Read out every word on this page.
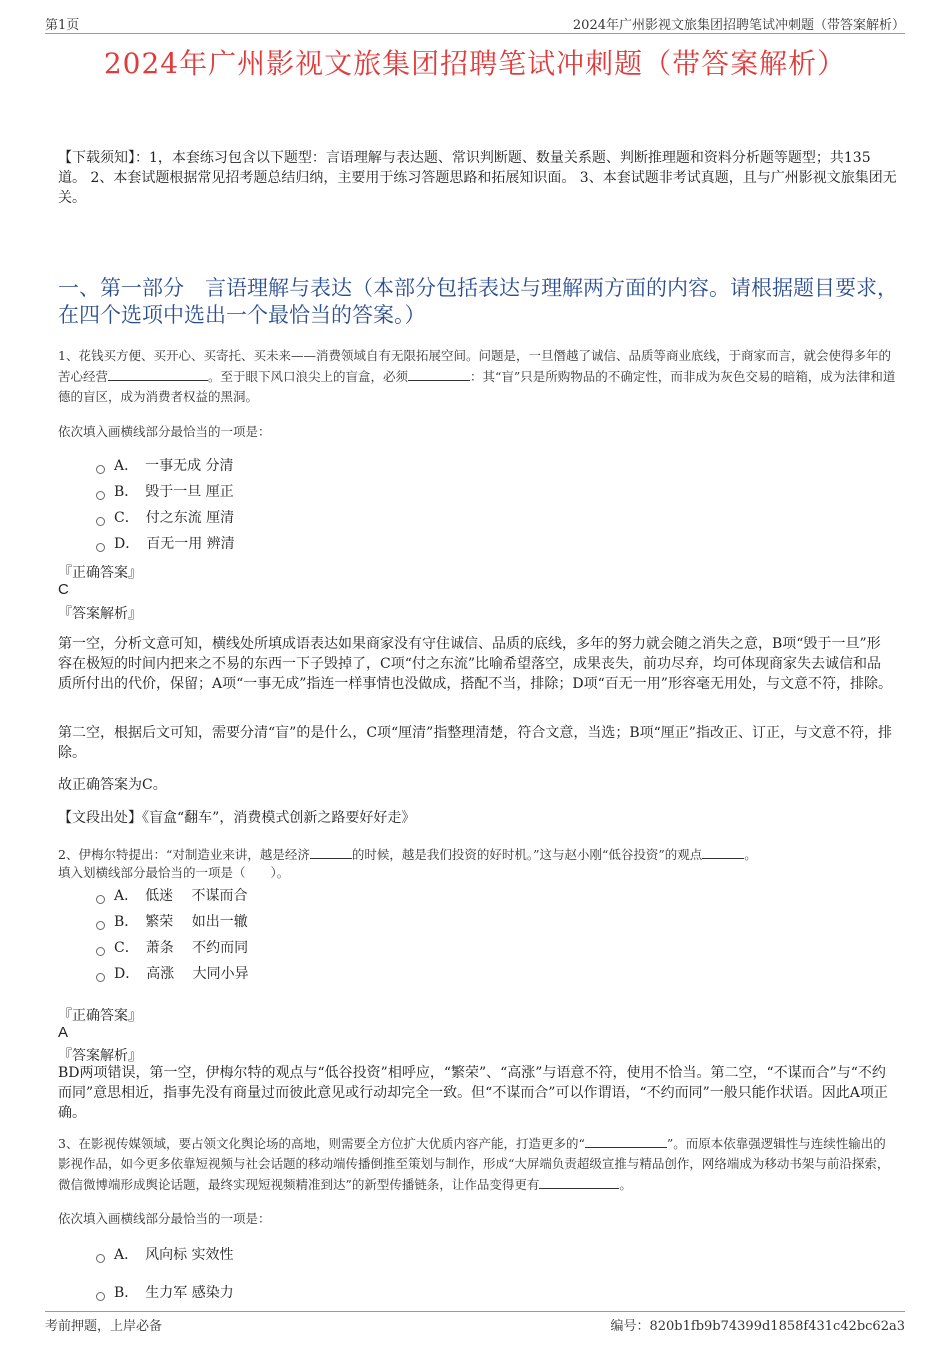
第1页	2024年广州影视文旅集团招聘笔试冲刺题（带答案解析）
2024年广州影视文旅集团招聘笔试冲刺题（带答案解析）
【下载须知】：1，本套练习包含以下题型：言语理解与表达题、常识判断题、数量关系题、判断推理题和资料分析题等题型；共135道。 2、本套试题根据常见招考题总结归纳，主要用于练习答题思路和拓展知识面。 3、本套试题非考试真题，且与广州影视文旅集团无关。
一、第一部分　言语理解与表达（本部分包括表达与理解两方面的内容。请根据题目要求，在四个选项中选出一个最恰当的答案。）
1、花钱买方便、买开心、买寄托、买未来——消费领域自有无限拓展空间。问题是，一旦僭越了诚信、品质等商业底线，于商家而言，就会使得多年的苦心经营	。至于眼下风口浪尖上的盲盒，必须	：其“盲”只是所购物品的不确定性，而非成为灰色交易的暗箱，成为法律和道德的盲区，成为消费者权益的黑洞。
依次填入画横线部分最恰当的一项是：
A．　一事无成 分清
B．　毁于一旦 厘正
C．　付之东流 厘清
D．　百无一用 辨清
『正确答案』
C
『答案解析』
第一空，分析文意可知，横线处所填成语表达如果商家没有守住诚信、品质的底线，多年的努力就会随之消失之意，B项“毁于一旦”形容在极短的时间内把来之不易的东西一下子毁掉了，C项“付之东流”比喻希望落空，成果丧失，前功尽弃，均可体现商家失去诚信和品质所付出的代价，保留；A项“一事无成”指连一样事情也没做成，搭配不当，排除；D项“百无一用”形容毫无用处，与文意不符，排除。
第二空，根据后文可知，需要分清“盲”的是什么，C项“厘清”指整理清楚，符合文意，当选；B项“厘正”指改正、订正，与文意不符，排除。
故正确答案为C。
【文段出处】《盲盒“翻车”，消费模式创新之路要好好走》
2、伊梅尔特提出：“对制造业来讲，越是经济	的时候，越是我们投资的好时机。”这与赵小刚“低谷投资”的观点	。
填入划横线部分最恰当的一项是（　　）。
A．　低迷　 不谋而合
B．　繁荣　 如出一辙
C．　萧条　 不约而同
D．　高涨　 大同小异
『正确答案』
A
『答案解析』
BD两项错误，第一空，伊梅尔特的观点与“低谷投资”相呼应，“繁荣”、“高涨”与语意不符，使用不恰当。第二空，“不谋而合”与“不约而同”意思相近，指事先没有商量过而彼此意见或行动却完全一致。但“不谋而合”可以作谓语，“不约而同”一般只能作状语。因此A项正确。
3、在影视传媒领域，要占领文化舆论场的高地，则需要全方位扩大优质内容产能，打造更多的“	”。而原本依靠强逻辑性与连续性输出的影视作品，如今更多依靠短视频与社会话题的移动端传播倒推至策划与制作，形成“大屏端负责超级宣推与精品创作，网络端成为移动书架与前沿探索，微信微博端形成舆论话题，最终实现短视频精准到达”的新型传播链条，让作品变得更有	。
依次填入画横线部分最恰当的一项是：
A．　风向标 实效性
B．　生力军 感染力
考前押题，上岸必备	编号：820b1fb9b74399d1858f431c42bc62a3
